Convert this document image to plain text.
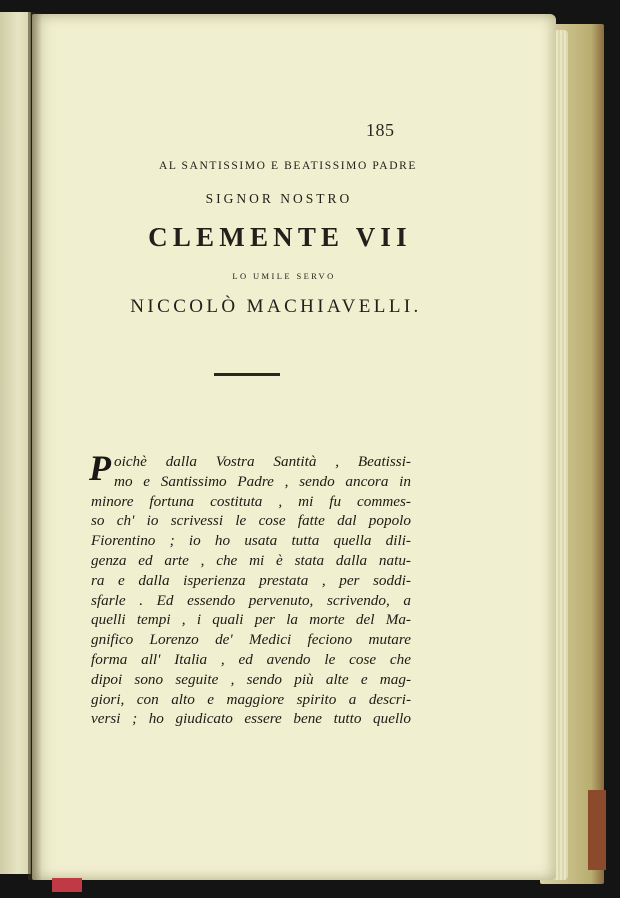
185
AL SANTISSIMO E BEATISSIMO PADRE
SIGNOR NOSTRO
CLEMENTE VII
LO UMILE SERVO
NICCOLÒ MACHIAVELLI.
P oichè dalla Vostra Santità , Beatissi-
mo e Santissimo Padre , sendo ancora in
minore fortuna costituta , mi fu commes-
so ch' io scrivessi le cose fatte dal popolo
Fiorentino ; io ho usata tutta quella dili-
genza ed arte , che mi è stata dalla natu-
ra e dalla isperienza prestata , per soddi-
sfarle . Ed essendo pervenuto, scrivendo, a
quelli tempi , i quali per la morte del Ma-
gnifico Lorenzo de' Medici feciono mutare
forma all' Italia , ed avendo le cose che
dipoi sono seguite , sendo più alte e mag-
giori, con alto e maggiore spirito a descri-
versi ; ho giudicato essere bene tutto quello
